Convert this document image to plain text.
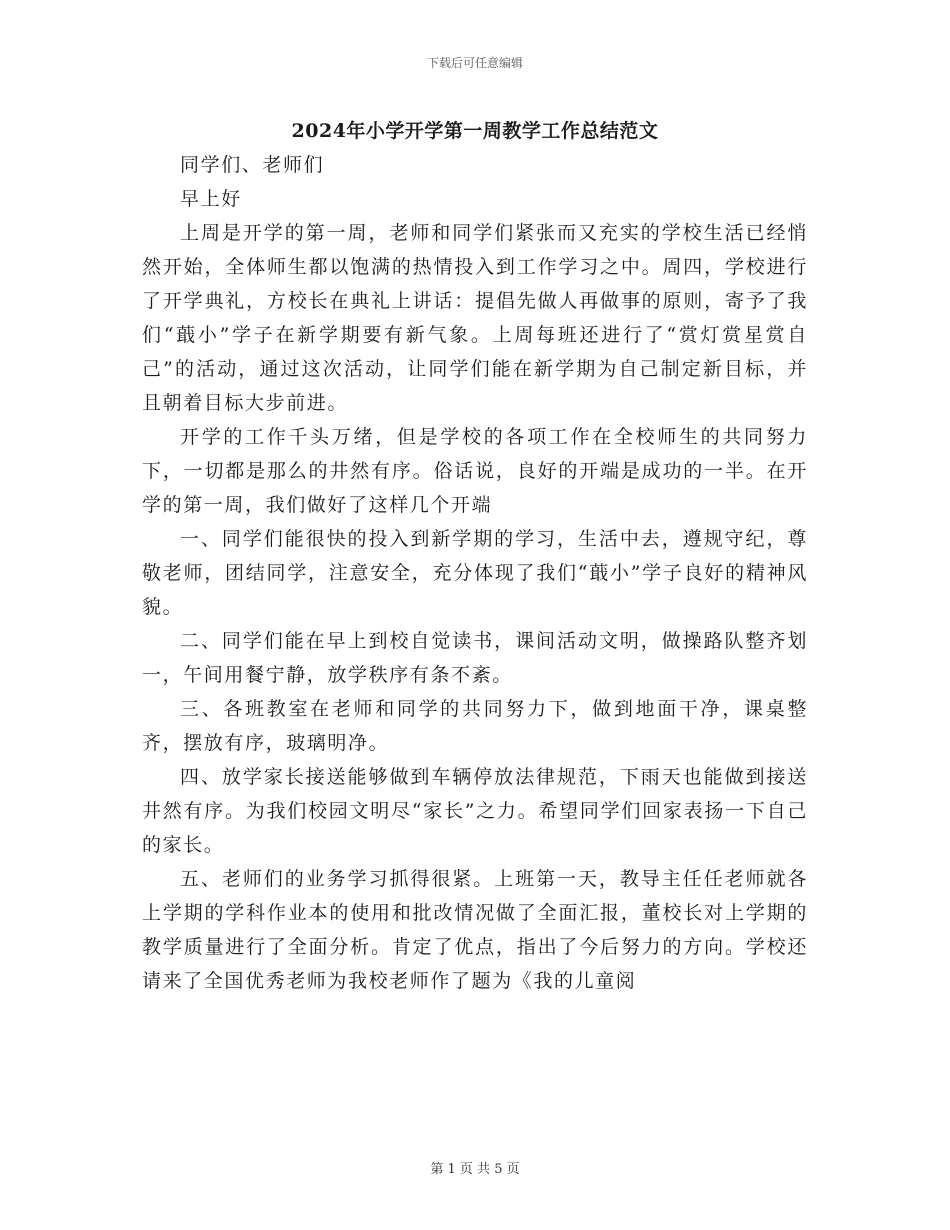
下载后可任意编辑
2024年小学开学第一周教学工作总结范文

同学们、老师们

早上好

上周是开学的第一周，老师和同学们紧张而又充实的学校生活已经悄然开始，全体师生都以饱满的热情投入到工作学习之中。周四，学校进行了开学典礼，方校长在典礼上讲话：提倡先做人再做事的原则，寄予了我们“蕺小”学子在新学期要有新气象。上周每班还进行了“赏灯赏星赏自己”的活动，通过这次活动，让同学们能在新学期为自己制定新目标，并且朝着目标大步前进。

开学的工作千头万绪，但是学校的各项工作在全校师生的共同努力下，一切都是那么的井然有序。俗话说，良好的开端是成功的一半。在开学的第一周，我们做好了这样几个开端

一、同学们能很快的投入到新学期的学习，生活中去，遵规守纪，尊敬老师，团结同学，注意安全，充分体现了我们“蕺小”学子良好的精神风貌。

二、同学们能在早上到校自觉读书，课间活动文明，做操路队整齐划一，午间用餐宁静，放学秩序有条不紊。

三、各班教室在老师和同学的共同努力下，做到地面干净，课桌整齐，摆放有序，玻璃明净。

四、放学家长接送能够做到车辆停放法律规范，下雨天也能做到接送井然有序。为我们校园文明尽“家长”之力。希望同学们回家表扬一下自己的家长。

五、老师们的业务学习抓得很紧。上班第一天，教导主任任老师就各上学期的学科作业本的使用和批改情况做了全面汇报，董校长对上学期的教学质量进行了全面分析。肯定了优点，指出了今后努力的方向。学校还请来了全国优秀老师为我校老师作了题为《我的儿童阅

第 1 页 共 5 页
